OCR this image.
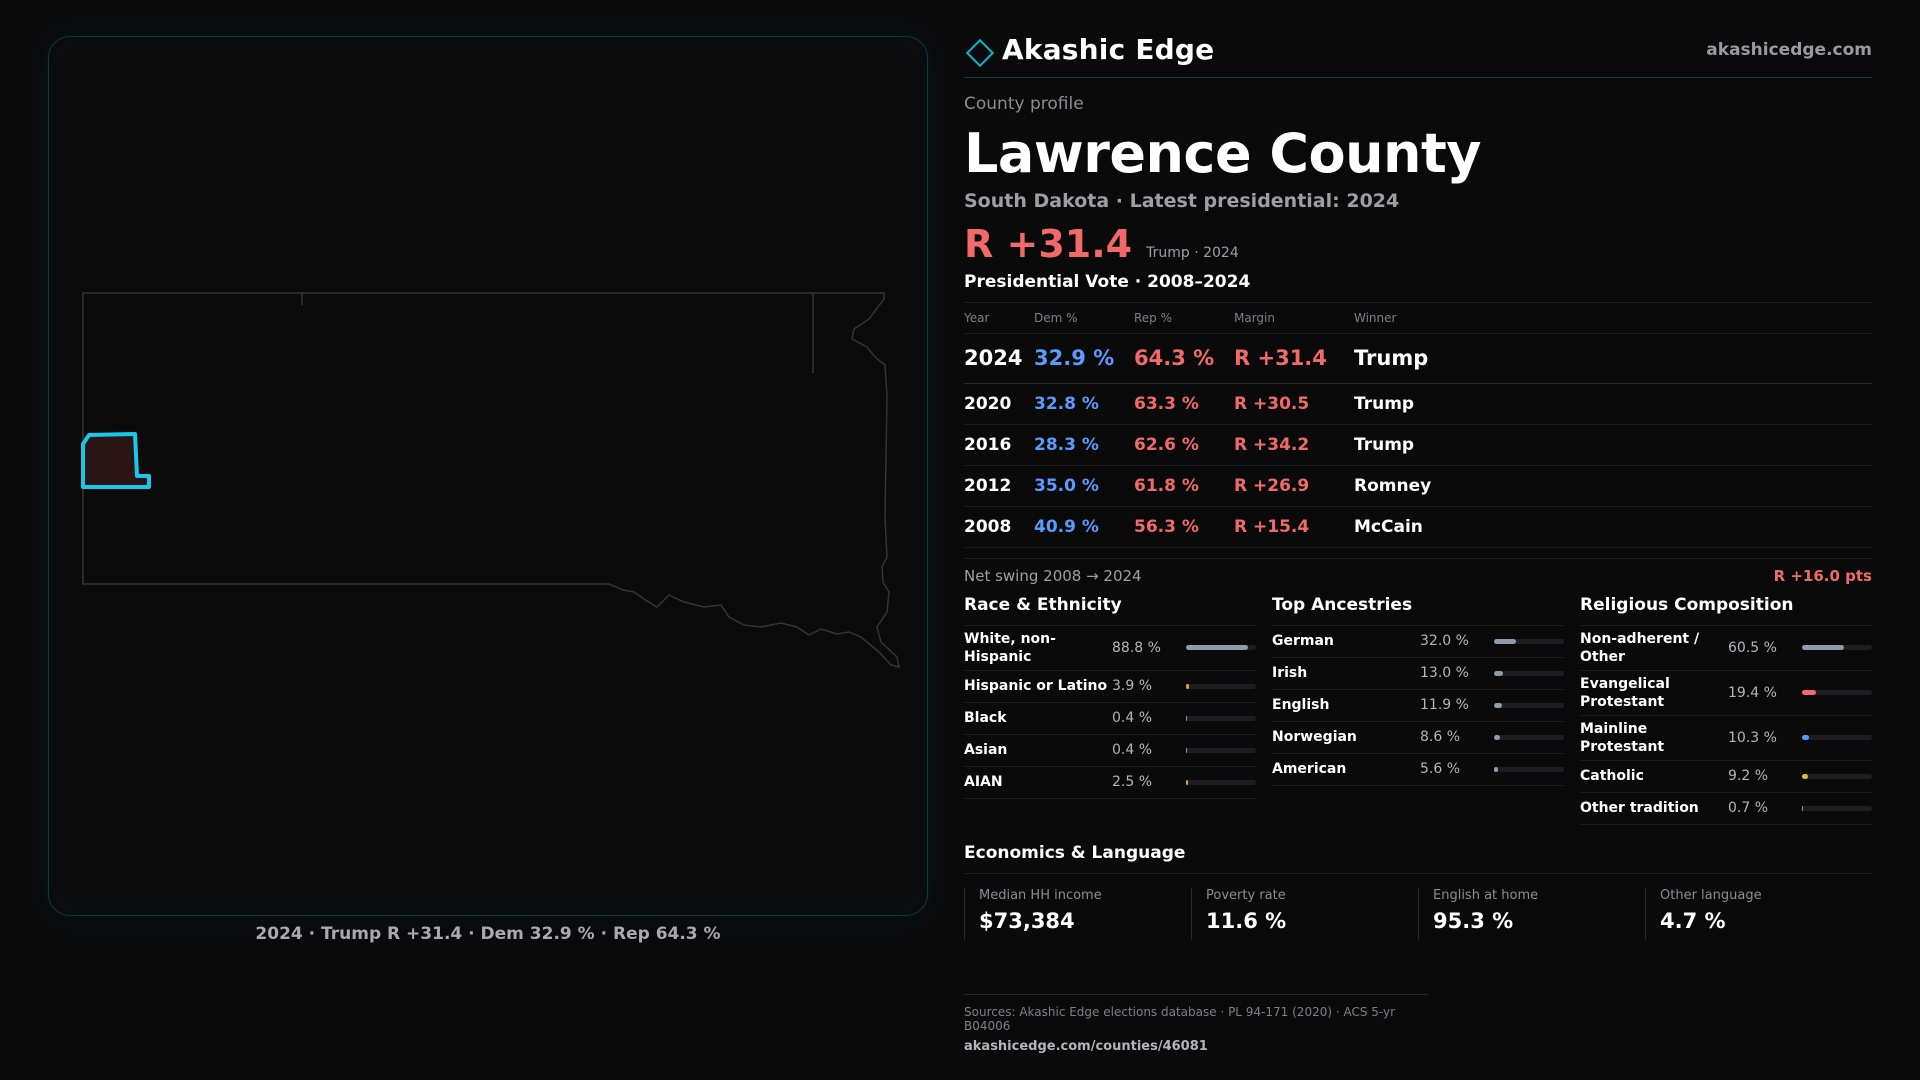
2024 · Trump R +31.4 · Dem 32.9 % · Rep 64.3 %
Akashic Edge	akashicedge.com
County profile
Lawrence County
South Dakota · Latest presidential: 2024
R +31.4 Trump · 2024
Presidential Vote · 2008–2024
Year	Dem %	Rep %	Margin	Winner
2024	32.9 %	64.3 %	R +31.4	Trump
2020	32.8 %	63.3 %	R +30.5	Trump
2016	28.3 %	62.6 %	R +34.2	Trump
2012	35.0 %	61.8 %	R +26.9	Romney
2008	40.9 %	56.3 %	R +15.4	McCain
Net swing 2008 → 2024	R +16.0 pts
Race & Ethnicity
White, non-Hispanic
88.8 %
Hispanic or Latino 3.9 %
Black	0.4 %
Asian	0.4 %
AIAN	2.5 %
Top Ancestries
German	32.0 %
Irish	13.0 %
English	11.9 %
Norwegian	8.6 %
American	5.6 %
Religious Composition
Non-adherent / Other
60.5 %
Evangelical Protestant
19.4 %
Mainline Protestant
10.3 %
Catholic	9.2 %
Other tradition	0.7 %
Economics & Language
Median HH income
$73,384
Poverty rate
11.6 %
English at home
95.3 %
Other language
4.7 %
Sources: Akashic Edge elections database · PL 94-171 (2020) · ACS 5-yr B04006
akashicedge.com/counties/46081
